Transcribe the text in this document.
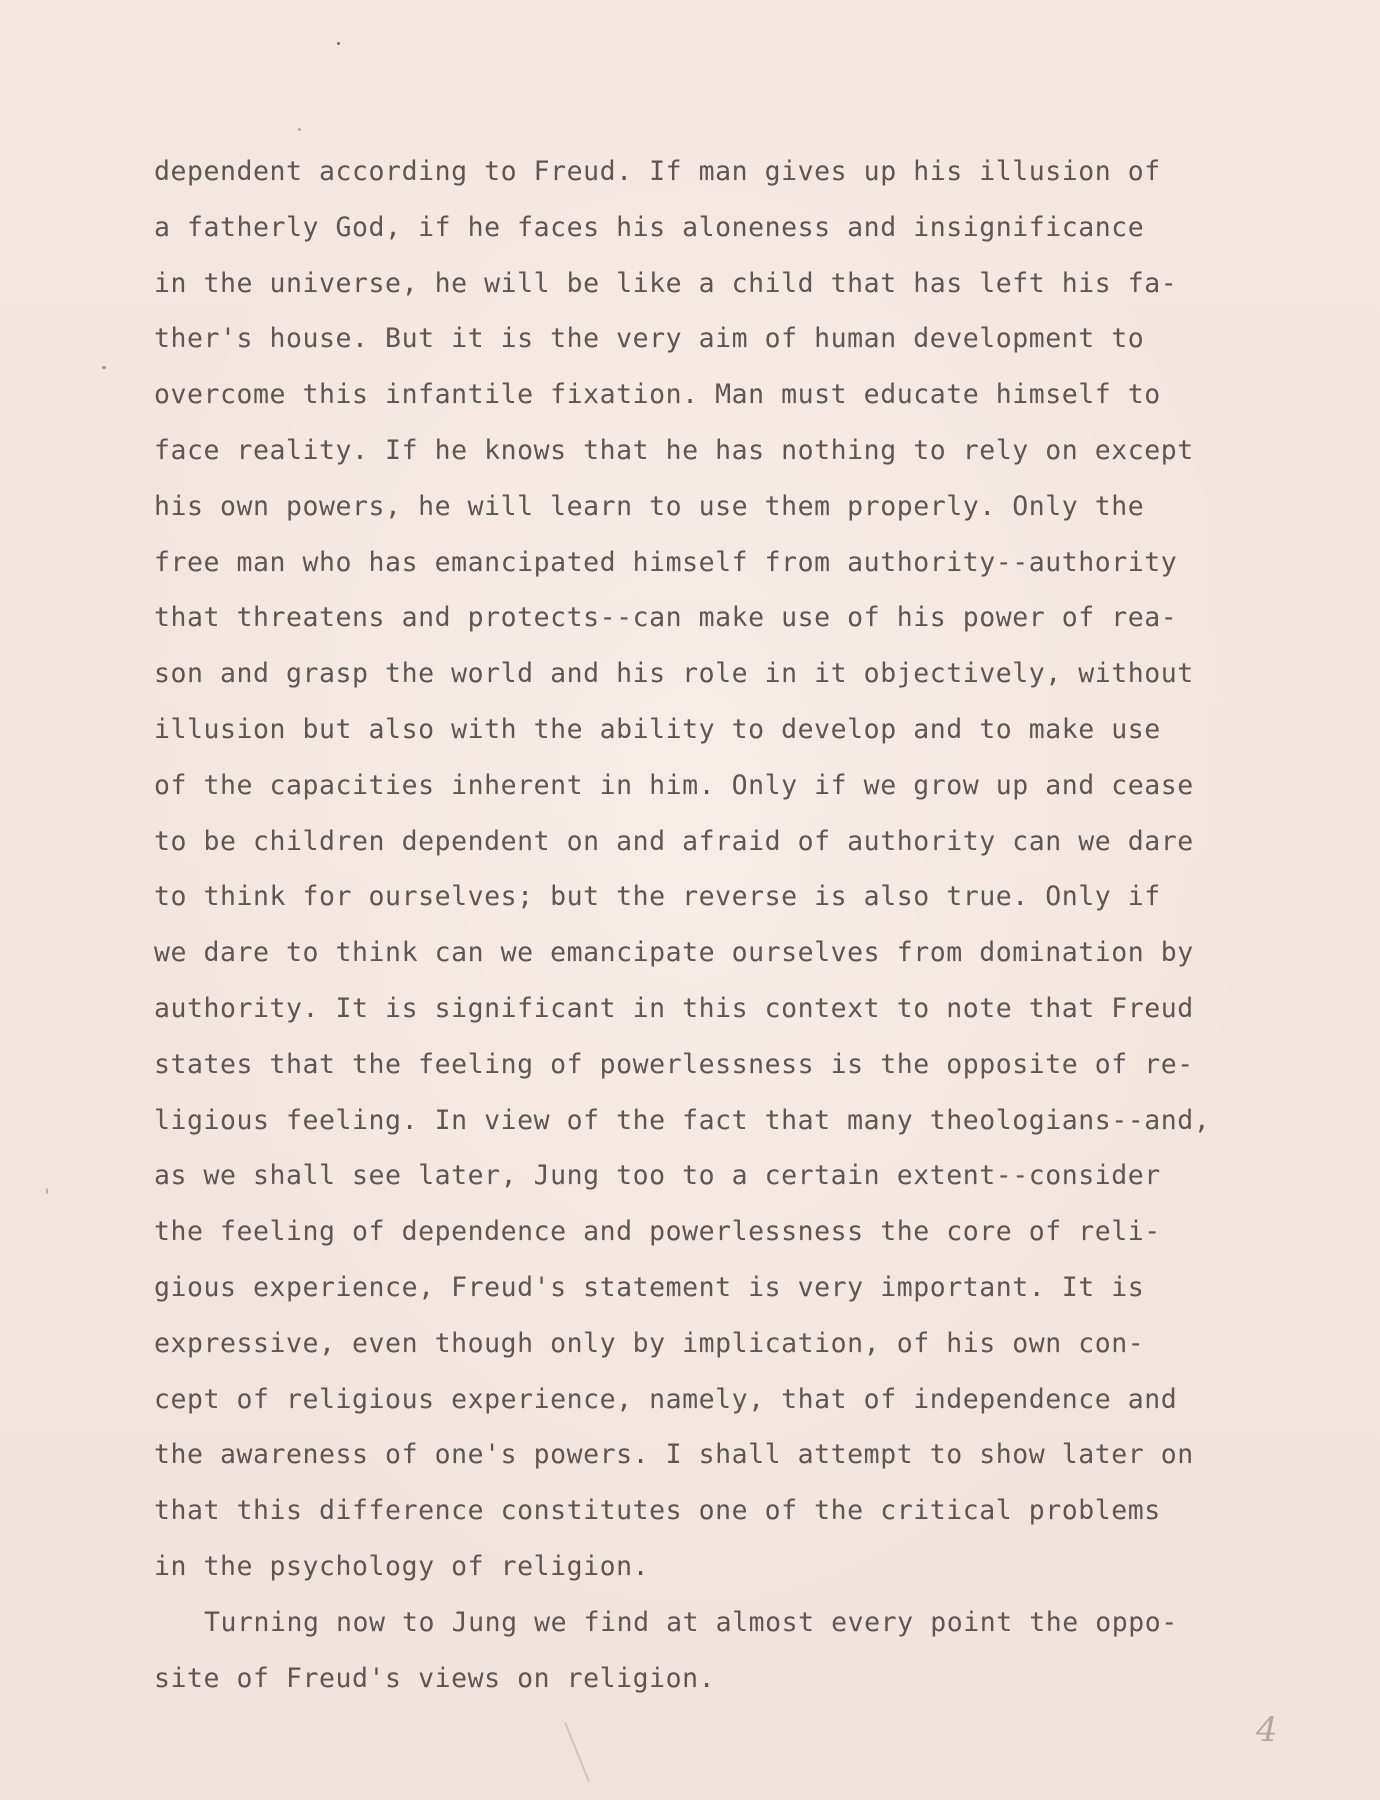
dependent according to Freud. If man gives up his illusion of
a fatherly God, if he faces his aloneness and insignificance
in the universe, he will be like a child that has left his fa-
ther's house. But it is the very aim of human development to
overcome this infantile fixation. Man must educate himself to
face reality. If he knows that he has nothing to rely on except
his own powers, he will learn to use them properly. Only the
free man who has emancipated himself from authority--authority
that threatens and protects--can make use of his power of rea-
son and grasp the world and his role in it objectively, without
illusion but also with the ability to develop and to make use
of the capacities inherent in him. Only if we grow up and cease
to be children dependent on and afraid of authority can we dare
to think for ourselves; but the reverse is also true. Only if
we dare to think can we emancipate ourselves from domination by
authority. It is significant in this context to note that Freud
states that the feeling of powerlessness is the opposite of re-
ligious feeling. In view of the fact that many theologians--and,
as we shall see later, Jung too to a certain extent--consider
the feeling of dependence and powerlessness the core of reli-
gious experience, Freud's statement is very important. It is
expressive, even though only by implication, of his own con-
cept of religious experience, namely, that of independence and
the awareness of one's powers. I shall attempt to show later on
that this difference constitutes one of the critical problems
in the psychology of religion.
Turning now to Jung we find at almost every point the oppo-
site of Freud's views on religion.
4
